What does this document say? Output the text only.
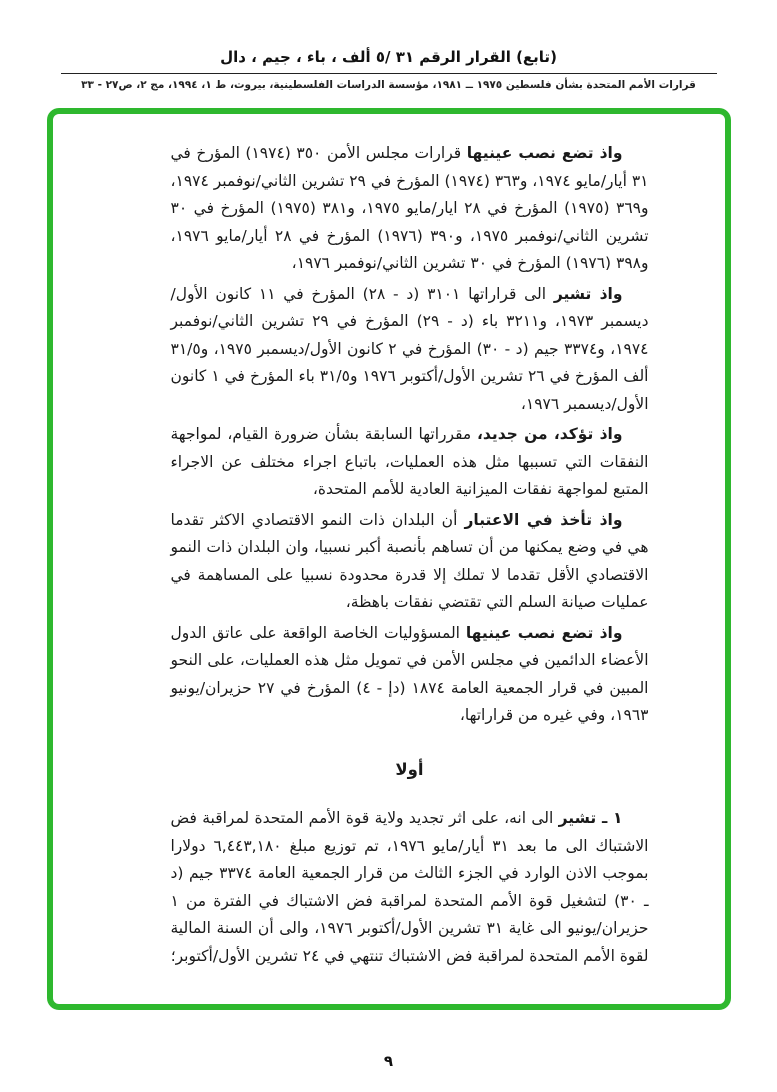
(تابع) القرار الرقم ٣١ /٥ ألف ، باء ، جيم ، دال
قرارات الأمم المتحدة بشأن فلسطين ١٩٧٥ ــ ١٩٨١، مؤسسة الدراسات الفلسطينية، بيروت، ط ١، ١٩٩٤، مج ٢، ص٢٧ - ٣٣

واذ تضع نصب عينيها قرارات مجلس الأمن ٣٥٠ (١٩٧٤) المؤرخ في ٣١ أيار/مايو ١٩٧٤، و٣٦٣ (١٩٧٤) المؤرخ في ٢٩ تشرين الثاني/نوفمبر ١٩٧٤، و٣٦٩ (١٩٧٥) المؤرخ في ٢٨ ايار/مايو ١٩٧٥، و٣٨١ (١٩٧٥) المؤرخ في ٣٠ تشرين الثاني/نوفمبر ١٩٧٥، و٣٩٠ (١٩٧٦) المؤرخ في ٢٨ أيار/مايو ١٩٧٦، و٣٩٨ (١٩٧٦) المؤرخ في ٣٠ تشرين الثاني/نوفمبر ١٩٧٦،

واذ تشير الى قراراتها ٣١٠١ (د - ٢٨) المؤرخ في ١١ كانون الأول/ديسمبر ١٩٧٣، و٣٢١١ باء (د - ٢٩) المؤرخ في ٢٩ تشرين الثاني/نوفمبر ١٩٧٤، و٣٣٧٤ جيم (د - ٣٠) المؤرخ في ٢ كانون الأول/ديسمبر ١٩٧٥، و٣١/٥ ألف المؤرخ في ٢٦ تشرين الأول/أكتوبر ١٩٧٦ و٣١/٥ باء المؤرخ في ١ كانون الأول/ديسمبر ١٩٧٦،

واذ تؤكد، من جديد، مقرراتها السابقة بشأن ضرورة القيام، لمواجهة النفقات التي تسببها مثل هذه العمليات، باتباع اجراء مختلف عن الاجراء المتبع لمواجهة نفقات الميزانية العادية للأمم المتحدة،

واذ تأخذ في الاعتبار أن البلدان ذات النمو الاقتصادي الاكثر تقدما هي في وضع يمكنها من أن تساهم بأنصبة أكبر نسبيا، وان البلدان ذات النمو الاقتصادي الأقل تقدما لا تملك إلا قدرة محدودة نسبيا على المساهمة في عمليات صيانة السلم التي تقتضي نفقات باهظة،

واذ تضع نصب عينيها المسؤوليات الخاصة الواقعة على عاتق الدول الأعضاء الدائمين في مجلس الأمن في تمويل مثل هذه العمليات، على النحو المبين في قرار الجمعية العامة ١٨٧٤ (دإ - ٤) المؤرخ في ٢٧ حزيران/يونيو ١٩٦٣، وفي غيره من قراراتها،

أولا

١ ـ تشير الى انه، على اثر تجديد ولاية قوة الأمم المتحدة لمراقبة فض الاشتباك الى ما بعد ٣١ أيار/مايو ١٩٧٦، تم توزيع مبلغ ٦,٤٤٣,١٨٠ دولارا بموجب الاذن الوارد في الجزء الثالث من قرار الجمعية العامة ٣٣٧٤ جيم (د ـ ٣٠) لتشغيل قوة الأمم المتحدة لمراقبة فض الاشتباك في الفترة من ١ حزيران/يونيو الى غاية ٣١ تشرين الأول/أكتوبر ١٩٧٦، والى أن السنة المالية لقوة الأمم المتحدة لمراقبة فض الاشتباك تنتهي في ٢٤ تشرين الأول/أكتوبر؛

٩
